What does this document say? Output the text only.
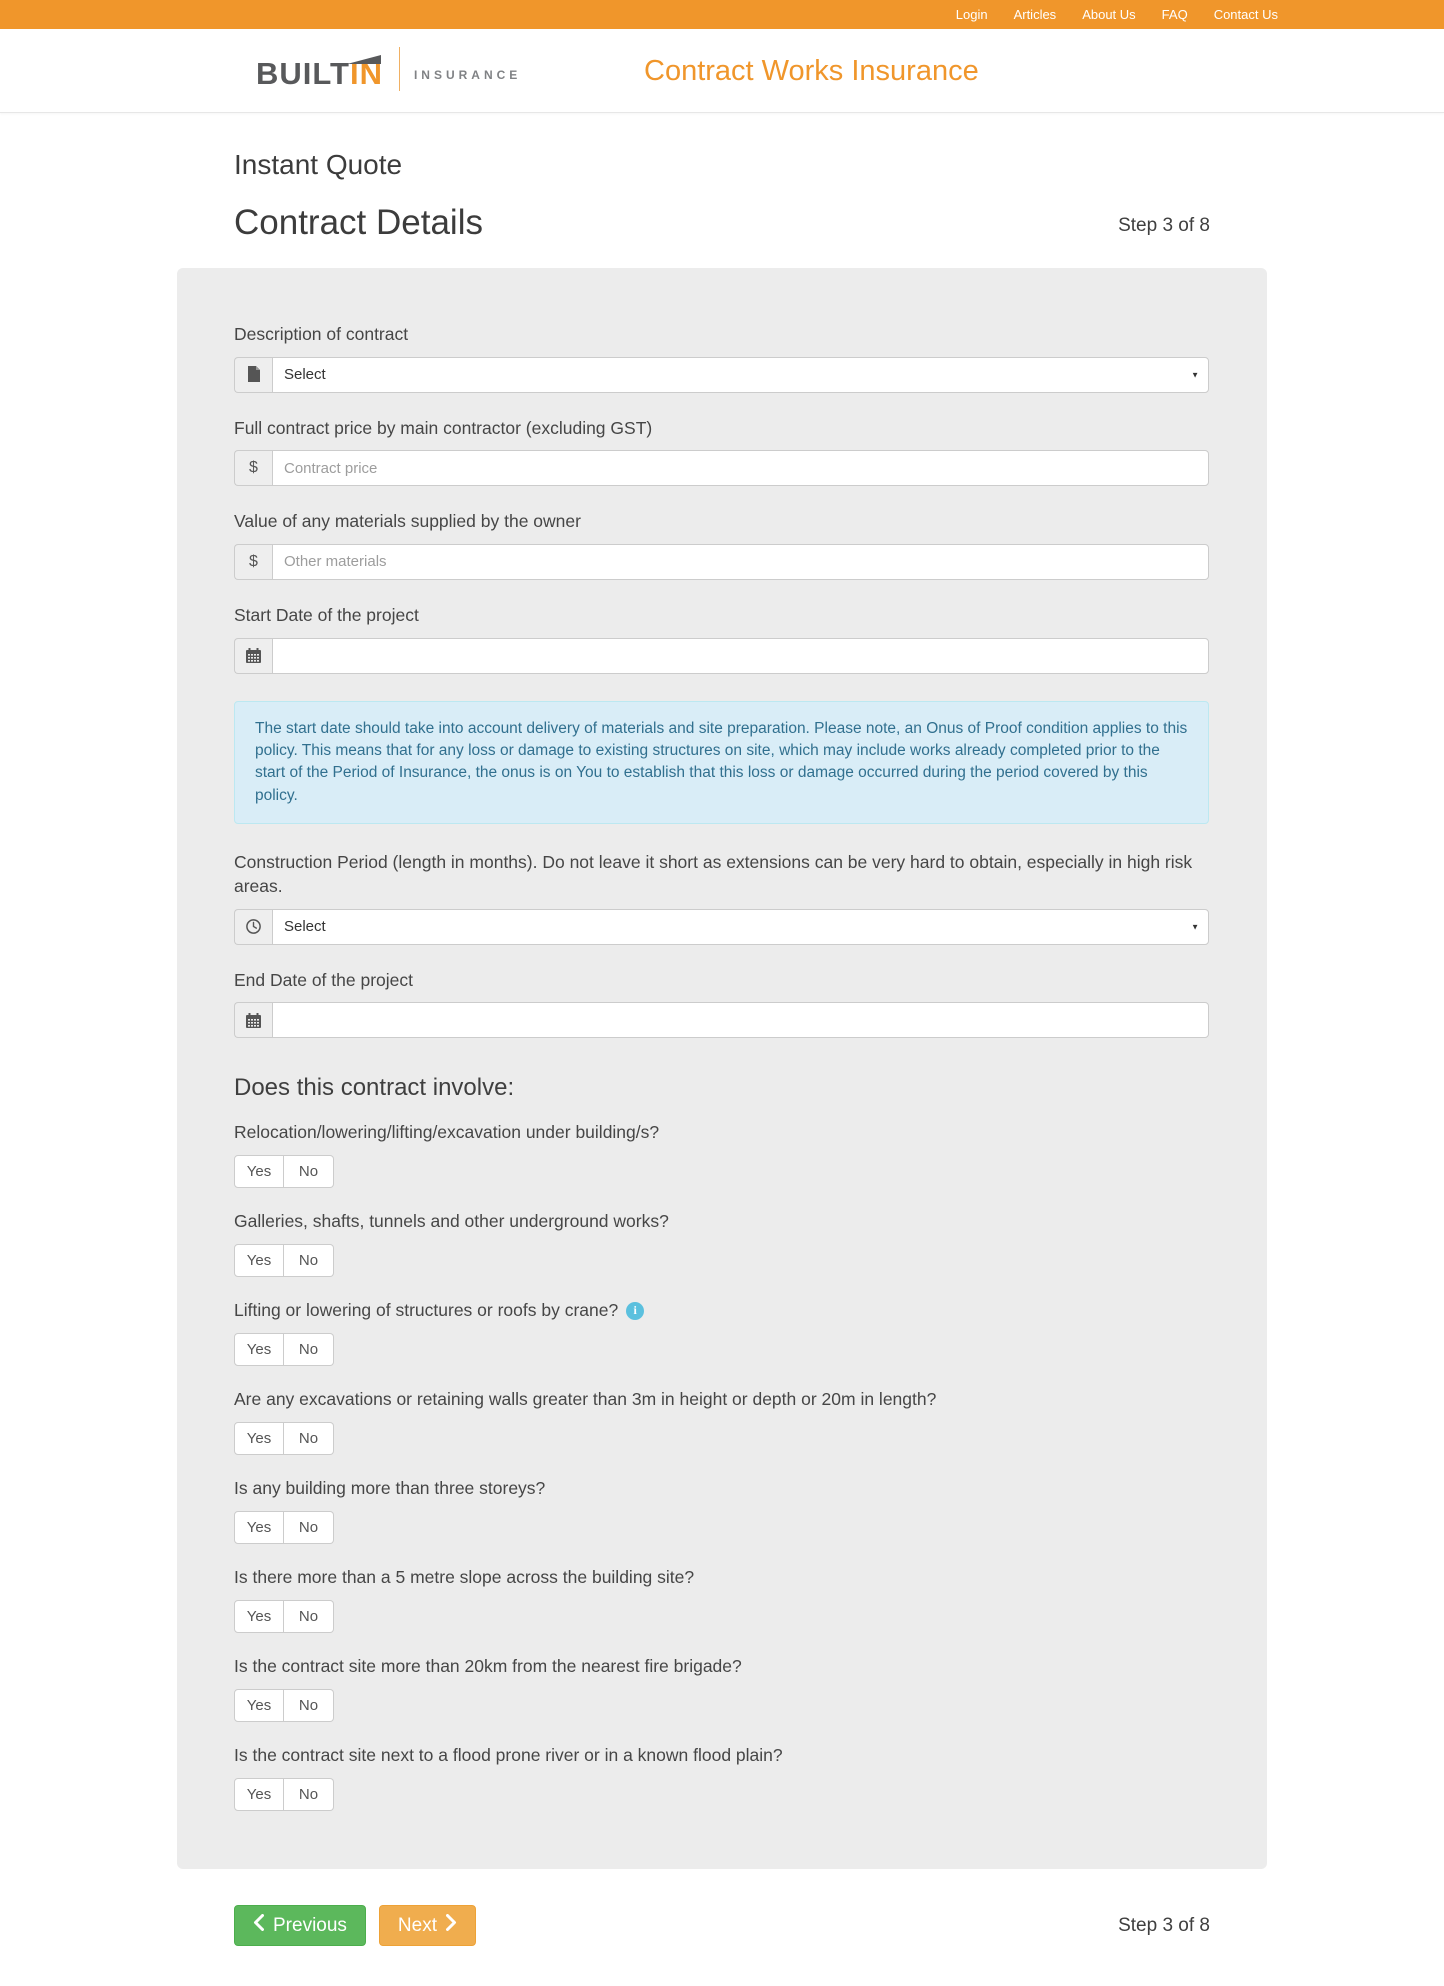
Login Articles About Us FAQ Contact Us
BUILT
IN	INSURANCE	Contract Works Insurance
Instant Quote
Contract Details	Step 3 of 8
Description of contract
Select	▼
Full contract price by main contractor (excluding GST)
$
Contract price
Value of any materials supplied by the owner
$
Other materials
Start Date of the project
The start date should take into account delivery of materials and site preparation. Please note, an Onus of Proof condition applies to this policy. This means that for any loss or damage to existing structures on site, which may include works already completed prior to the start of the Period of Insurance, the onus is on You to establish that this loss or damage occurred during the period covered by this policy.
Construction Period (length in months). Do not leave it short as extensions can be very hard to obtain, especially in high risk areas.
Select	▼
End Date of the project
Does this contract involve:
Relocation/lowering/lifting/excavation under building/s?
Yes	No
Galleries, shafts, tunnels and other underground works?
Yes	No
Lifting or lowering of structures or roofs by crane?	i
Yes	No
Are any excavations or retaining walls greater than 3m in height or depth or 20m in length?
Yes	No
Is any building more than three storeys?
Yes	No
Is there more than a 5 metre slope across the building site?
Yes	No
Is the contract site more than 20km from the nearest fire brigade?
Yes	No
Is the contract site next to a flood prone river or in a known flood plain?
Yes	No
Previous	Next	Step 3 of 8
